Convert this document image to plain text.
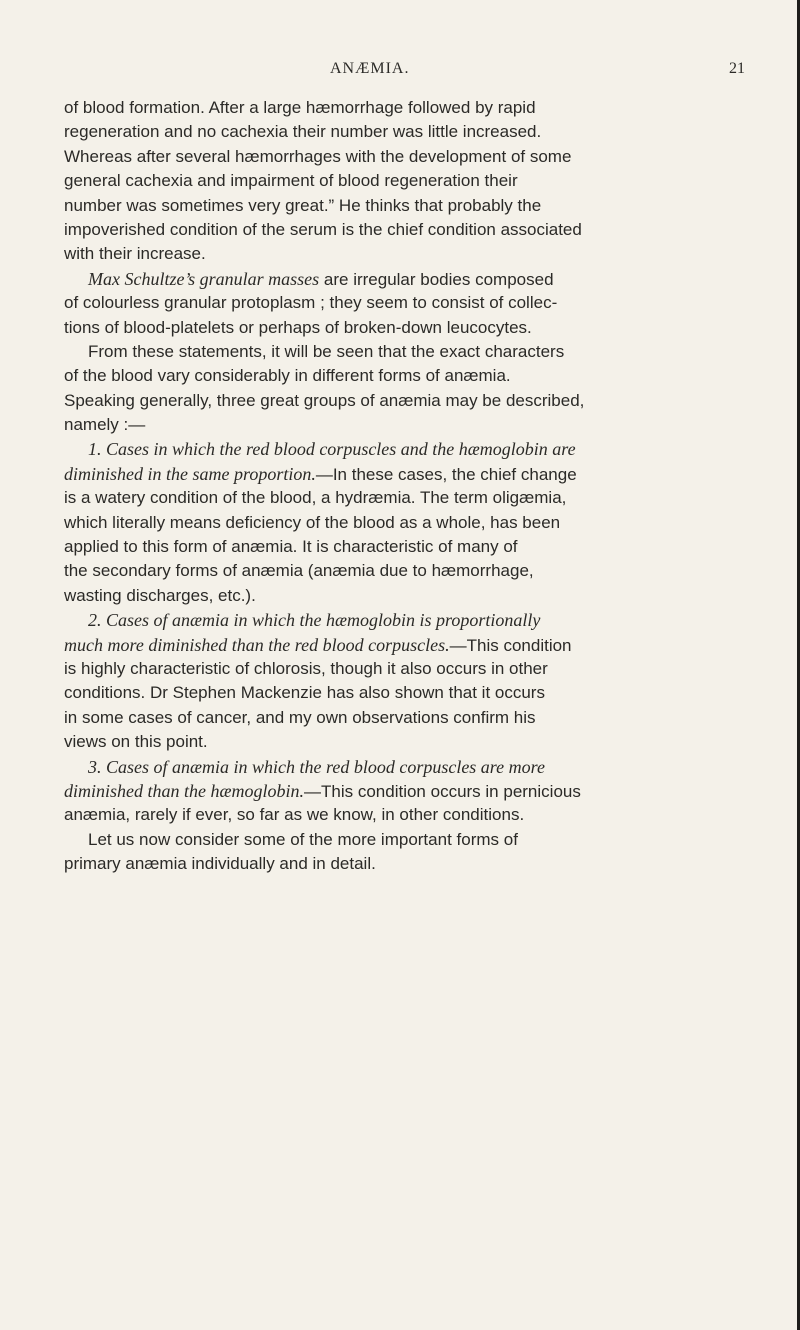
ANÆMIA.	21
of blood formation. After a large hæmorrhage followed by rapid
regeneration and no cachexia their number was little increased.
Whereas after several hæmorrhages with the development of some
general cachexia and impairment of blood regeneration their
number was sometimes very great.” He thinks that probably the
impoverished condition of the serum is the chief condition associated
with their increase.
Max Schultze’s granular masses are irregular bodies composed
of colourless granular protoplasm ; they seem to consist of collec-
tions of blood-platelets or perhaps of broken-down leucocytes.
From these statements, it will be seen that the exact characters
of the blood vary considerably in different forms of anæmia.
Speaking generally, three great groups of anæmia may be described,
namely :—
1. Cases in which the red blood corpuscles and the hæmoglobin are
diminished in the same proportion.—In these cases, the chief change
is a watery condition of the blood, a hydræmia. The term oligæmia,
which literally means deficiency of the blood as a whole, has been
applied to this form of anæmia. It is characteristic of many of
the secondary forms of anæmia (anæmia due to hæmorrhage,
wasting discharges, etc.).
2. Cases of anæmia in which the hæmoglobin is proportionally
much more diminished than the red blood corpuscles.—This condition
is highly characteristic of chlorosis, though it also occurs in other
conditions. Dr Stephen Mackenzie has also shown that it occurs
in some cases of cancer, and my own observations confirm his
views on this point.
3. Cases of anæmia in which the red blood corpuscles are more
diminished than the hæmoglobin.—This condition occurs in pernicious
anæmia, rarely if ever, so far as we know, in other conditions.
Let us now consider some of the more important forms of
primary anæmia individually and in detail.
